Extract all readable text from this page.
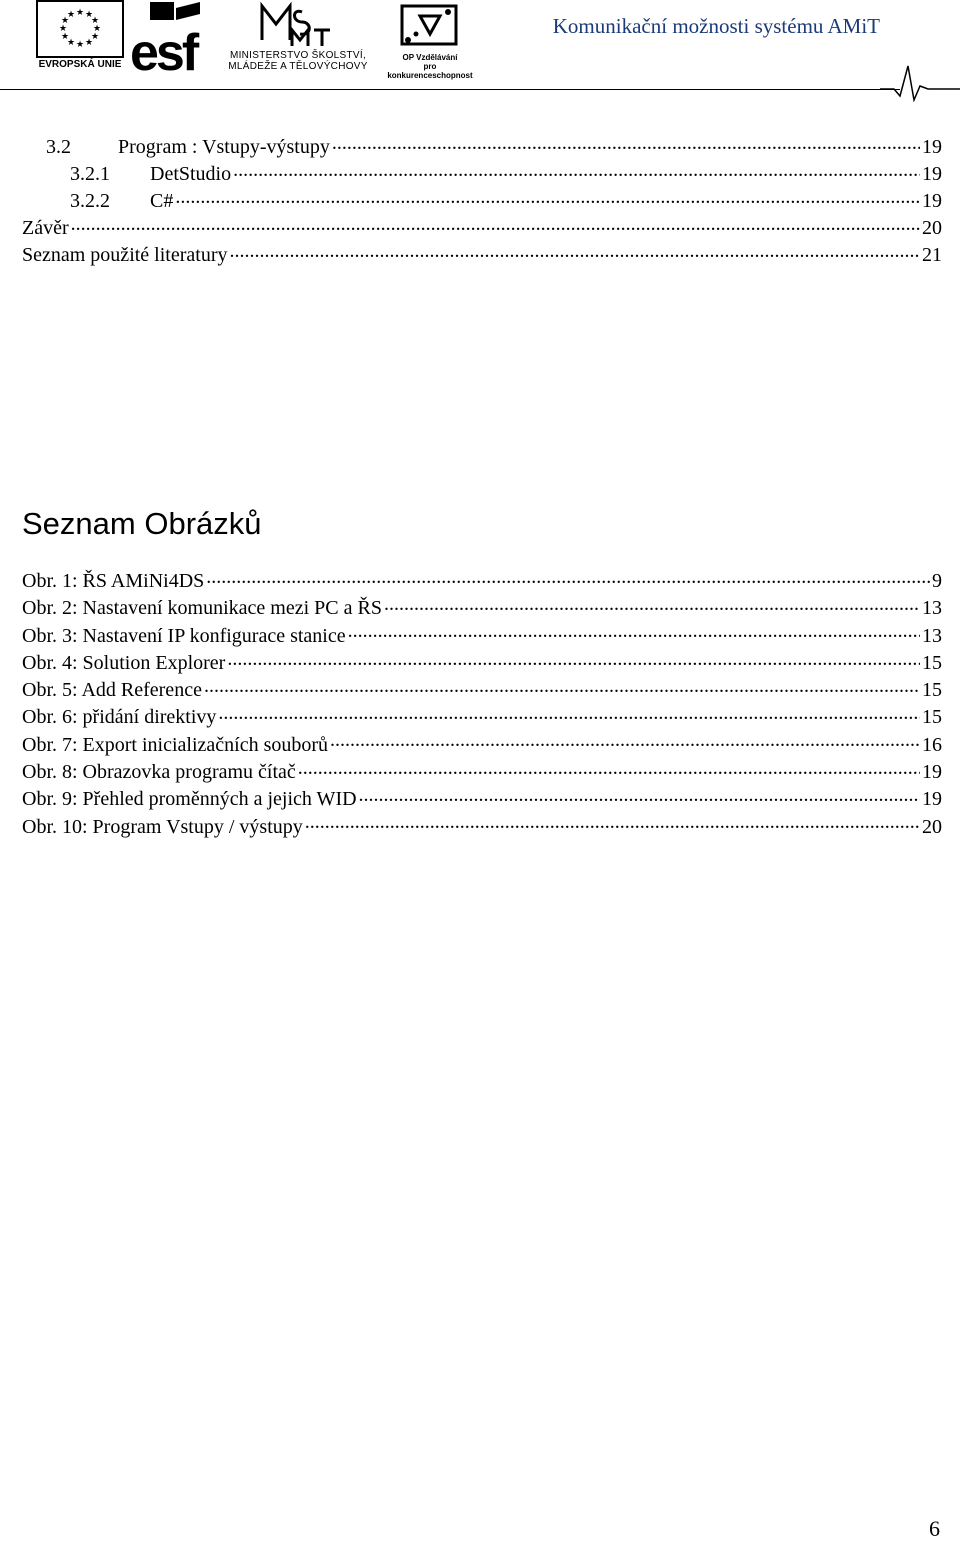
★ ★
★
★
★
★
★
★
★
★
★
★
EVROPSKÁ UNIE esf	MINISTERSTVO ŠKOLSTVÍ,
MLÁDEŽE A TĚLOVÝCHOVY
OP Vzdělávání
pro konkurenceschopnost
Komunikační možnosti systému AMiT
3.2	Program : Vstupy-výstupy .....	19
3.2.1	DetStudio .....	19
3.2.2	C# .....	19
Závěr .....	20
Seznam použité literatury .....	21
Seznam Obrázků
Obr. 1: ŘS AMiNi4DS .....	9
Obr. 2: Nastavení komunikace mezi PC a ŘS .....	13
Obr. 3: Nastavení IP konfigurace stanice .....	13
Obr. 4: Solution Explorer .....	15
Obr. 5: Add Reference .....	15
Obr. 6: přidání direktivy .....	15
Obr. 7: Export inicializačních souborů .....	16
Obr. 8: Obrazovka programu čítač .....	19
Obr. 9: Přehled proměnných a jejich WID .....	19
Obr. 10: Program Vstupy / výstupy .....	20
6
